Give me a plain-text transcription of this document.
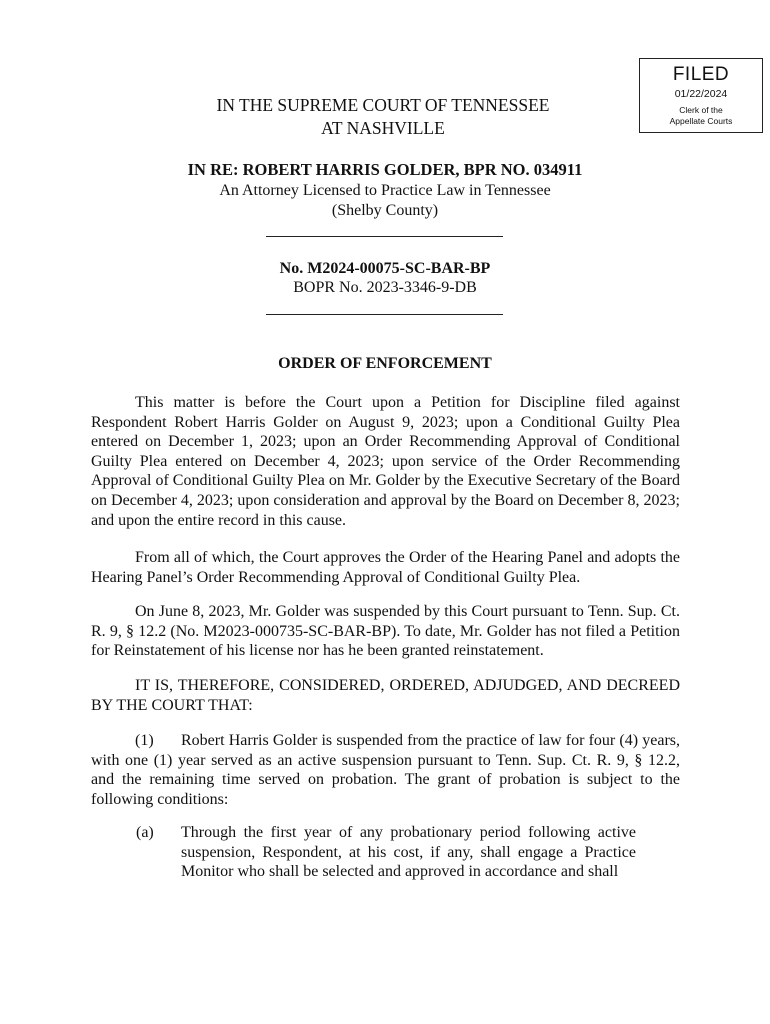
FILED
01/22/2024
Clerk of the
Appellate Courts
IN THE SUPREME COURT OF TENNESSEE
AT NASHVILLE
IN RE: ROBERT HARRIS GOLDER, BPR NO. 034911
An Attorney Licensed to Practice Law in Tennessee
(Shelby County)
No. M2024-00075-SC-BAR-BP
BOPR No. 2023-3346-9-DB
ORDER OF ENFORCEMENT
This matter is before the Court upon a Petition for Discipline filed against Respondent Robert Harris Golder on August 9, 2023; upon a Conditional Guilty Plea entered on December 1, 2023; upon an Order Recommending Approval of Conditional Guilty Plea entered on December 4, 2023; upon service of the Order Recommending Approval of Conditional Guilty Plea on Mr. Golder by the Executive Secretary of the Board on December 4, 2023; upon consideration and approval by the Board on December 8, 2023; and upon the entire record in this cause.
From all of which, the Court approves the Order of the Hearing Panel and adopts the Hearing Panel’s Order Recommending Approval of Conditional Guilty Plea.
On June 8, 2023, Mr. Golder was suspended by this Court pursuant to Tenn. Sup. Ct. R. 9, § 12.2 (No. M2023-000735-SC-BAR-BP). To date, Mr. Golder has not filed a Petition for Reinstatement of his license nor has he been granted reinstatement.
IT IS, THEREFORE, CONSIDERED, ORDERED, ADJUDGED, AND DECREED BY THE COURT THAT:
(1) Robert Harris Golder is suspended from the practice of law for four (4) years, with one (1) year served as an active suspension pursuant to Tenn. Sup. Ct. R. 9, § 12.2, and the remaining time served on probation. The grant of probation is subject to the following conditions:
(a) Through the first year of any probationary period following active suspension, Respondent, at his cost, if any, shall engage a Practice Monitor who shall be selected and approved in accordance and shall
